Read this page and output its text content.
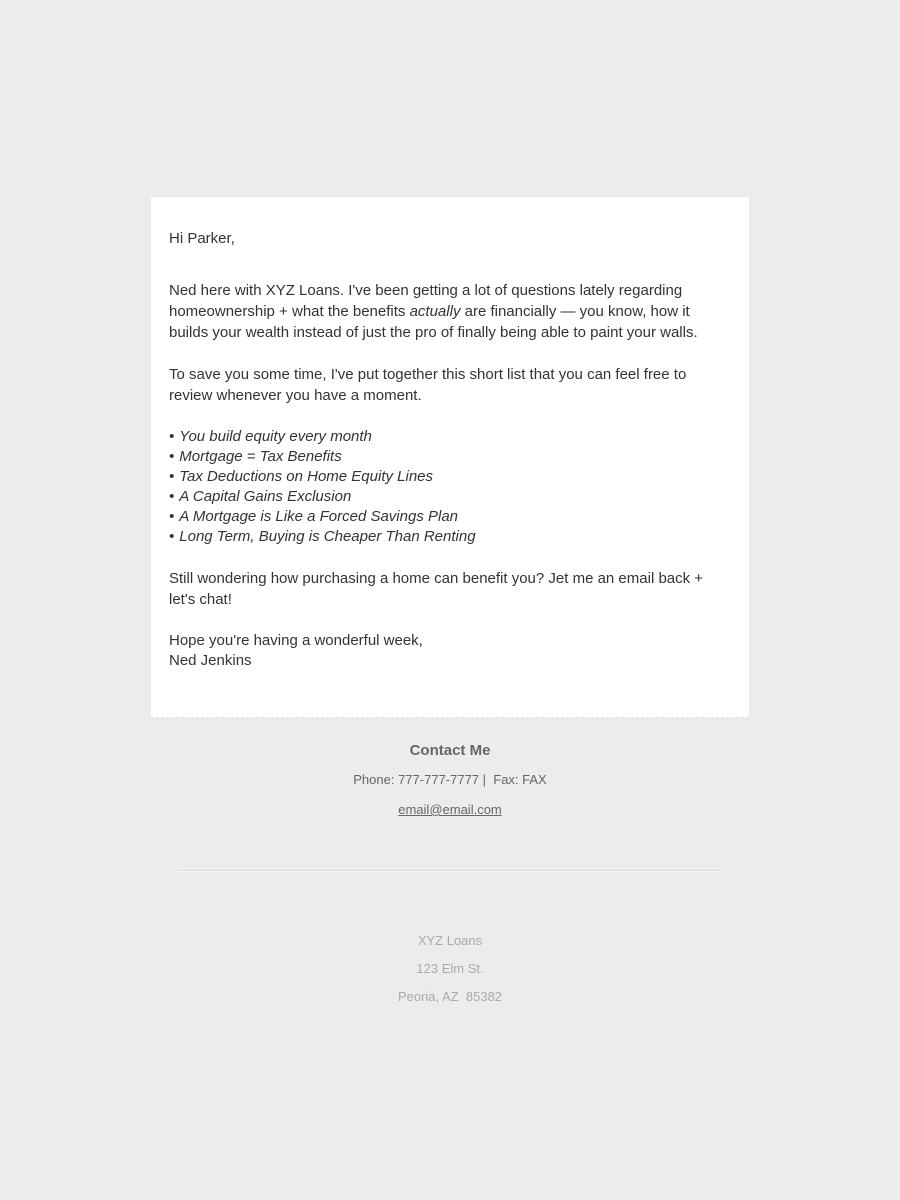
Hi Parker,

Ned here with XYZ Loans. I've been getting a lot of questions lately regarding homeownership + what the benefits actually are financially — you know, how it builds your wealth instead of just the pro of finally being able to paint your walls.

To save you some time, I've put together this short list that you can feel free to review whenever you have a moment.

• You build equity every month
• Mortgage = Tax Benefits
• Tax Deductions on Home Equity Lines
• A Capital Gains Exclusion
• A Mortgage is Like a Forced Savings Plan
• Long Term, Buying is Cheaper Than Renting

Still wondering how purchasing a home can benefit you? Jet me an email back + let's chat!

Hope you're having a wonderful week,
Ned Jenkins
Contact Me
Phone: 777-777-7777 |  Fax: FAX
email@email.com
XYZ Loans
123 Elm St.
Peoria, AZ  85382
